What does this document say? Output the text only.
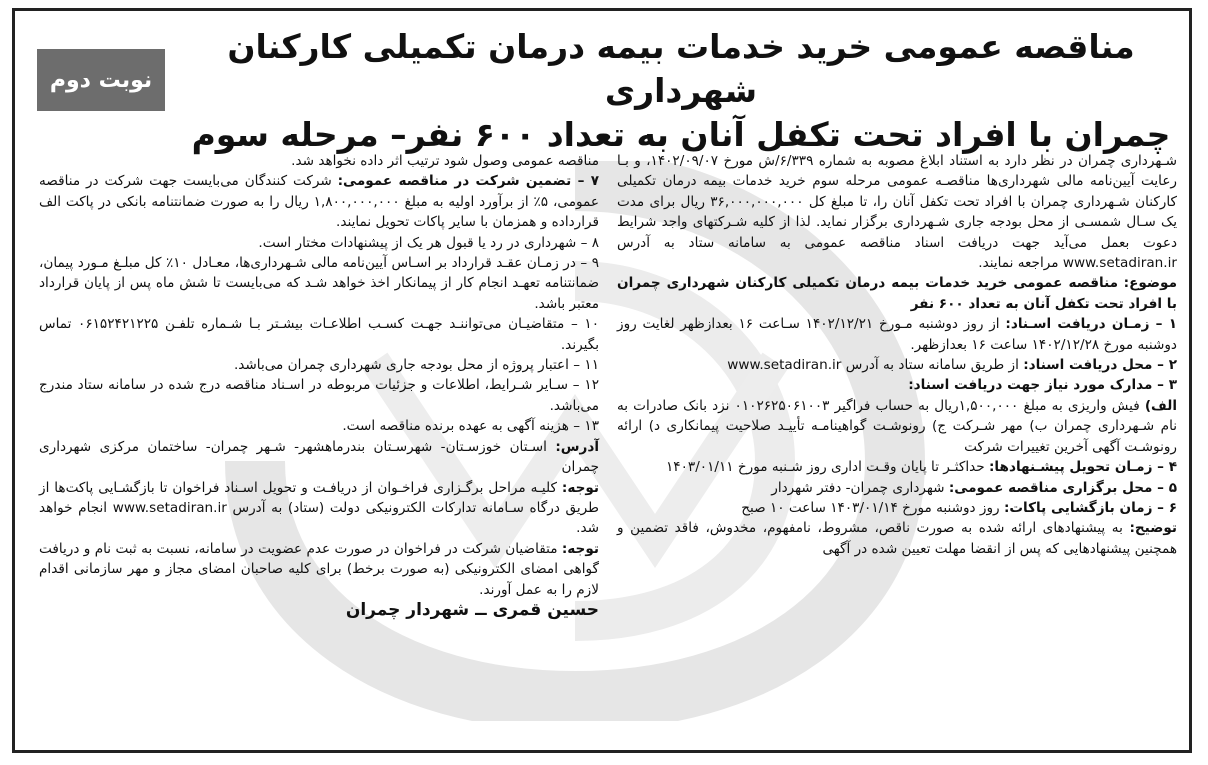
مناقصه عمومی خرید خدمات بیمه درمان تکمیلی کارکنان شهرداری

چمران با افراد تحت تکفل آنان به تعداد ۶۰۰ نفر– مرحله سوم

نوبت دوم

شـهرداری چمران در نظر دارد به استناد ابلاغ مصوبه به شماره ۶/۳۳۹/ش مورخ ۱۴۰۲/۰۹/۰۷، و بـا رعایت آیین‌نامه مالی شهرداری‌ها مناقصـه عمومی مرحله سوم خرید خدمات بیمه درمان تکمیلی کارکنان شـهرداری چمران با افراد تحت تکفل آنان را، تا مبلغ کل ۳۶,۰۰۰,۰۰۰,۰۰۰ ریال برای مدت یک سـال شمسـی از محل بودجه جاری شـهرداری برگزار نماید. لذا از کلیه شـرکتهای واجد شرایط دعوت بعمل می‌آید جهت دریافت اسناد مناقصه عمومی به سامانه ستاد به آدرس www.setadiran.ir مراجعه نمایند.

موضوع: مناقصه عمومی خرید خدمات بیمه درمان تکمیلی کارکنان شهرداری چمران با افراد تحت تکفل آنان به تعداد ۶۰۰ نفر

۱ – زمـان دریافت اسـناد: از روز دوشنبه مـورخ ۱۴۰۲/۱۲/۲۱ سـاعت ۱۶ بعدازظهر لغایت روز دوشنبه مورخ ۱۴۰۲/۱۲/۲۸ ساعت ۱۶ بعدازظهر.

۲ – محل دریافت اسناد: از طریق سامانه ستاد به آدرس www.setadiran.ir

۳ – مدارک مورد نیاز جهت دریافت اسناد:

الف) فیش واریزی به مبلغ ۱,۵۰۰,۰۰۰ریال به حساب فراگیر ۰۱۰۲۶۲۵۰۶۱۰۰۳ نزد بانک صادرات به نام شـهرداری چمران ب) مهر شـرکت ج) رونوشـت گواهینامـه تأییـد صلاحیت پیمانکاری د) ارائه رونوشـت آگهی آخرین تغییرات شرکت

۴ – زمـان تحویل پیشـنهادها: حداکثـر تا پایان وقـت اداری روز شـنبه مورخ ۱۴۰۳/۰۱/۱۱

۵ – محل برگزاری مناقصه عمومی: شهرداری چمران- دفتر شهردار

۶ – زمان بازگشایی پاکات: روز دوشنبه مورخ ۱۴۰۳/۰۱/۱۴ ساعت ۱۰ صبح

توضیح: به پیشنهادهای ارائه شده به صورت ناقص، مشروط، نامفهوم، مخدوش، فاقد تضمین و همچنین پیشنهادهایی که پس از انقضا مهلت تعیین شده در آگهی

مناقصه عمومی وصول شود ترتیب اثر داده نخواهد شد.

۷ – تضمین شرکت در مناقصه عمومی: شرکت کنندگان می‌بایست جهت شرکت در مناقصه عمومی، ۵٪ از برآورد اولیه به مبلغ ۱,۸۰۰,۰۰۰,۰۰۰ ریال را به صورت ضمانتنامه بانکی در پاکت الف قرارداده و همزمان با سایر پاکات تحویل نمایند.

۸ – شهرداری در رد یا قبول هر یک از پیشنهادات مختار است.

۹ – در زمـان عقـد قرارداد بر اسـاس آیین‌نامه مالی شـهرداری‌ها، معـادل ۱۰٪ کل مبلـغ مـورد پیمان، ضمانتنامه تعهـد انجام کار از پیمانکار اخذ خواهد شـد که می‌بایست تا شش ماه پس از پایان قرارداد معتبر باشد.

۱۰ – متقاضیـان می‌تواننـد جهـت کسـب اطلاعـات بیشـتر بـا شـماره تلفـن ۰۶۱۵۲۴۲۱۲۲۵ تماس بگیرند.

۱۱ – اعتبار پروژه از محل بودجه جاری شهرداری چمران می‌باشد.

۱۲ – سـایر شـرایط، اطلاعات و جزئیات مربوطه در اسـناد مناقصه درج شده در سامانه ستاد مندرج می‌باشد.

۱۳ – هزینه آگهی به عهده برنده مناقصه است.

آدرس: اسـتان خوزسـتان- شهرسـتان بندرماهشهر- شـهر چمران- ساختمان مرکزی شهرداری چمران

توجه: کلیـه مراحل برگـزاری فراخـوان از دریافـت و تحویل اسـناد فراخوان تا بازگشـایی پاکت‌ها از طریق درگاه سـامانه تدارکات الکترونیکی دولت (ستاد) به آدرس www.setadiran.ir انجام خواهد شد.

توجه: متقاضیان شرکت در فراخوان در صورت عدم عضویت در سامانه، نسبت به ثبت نام و دریافت گواهی امضای الکترونیکی (به صورت برخط) برای کلیه صاحبان امضای مجاز و مهر سازمانی اقدام لازم را به عمل آورند.

حسین قمری ــ شهردار چمران
